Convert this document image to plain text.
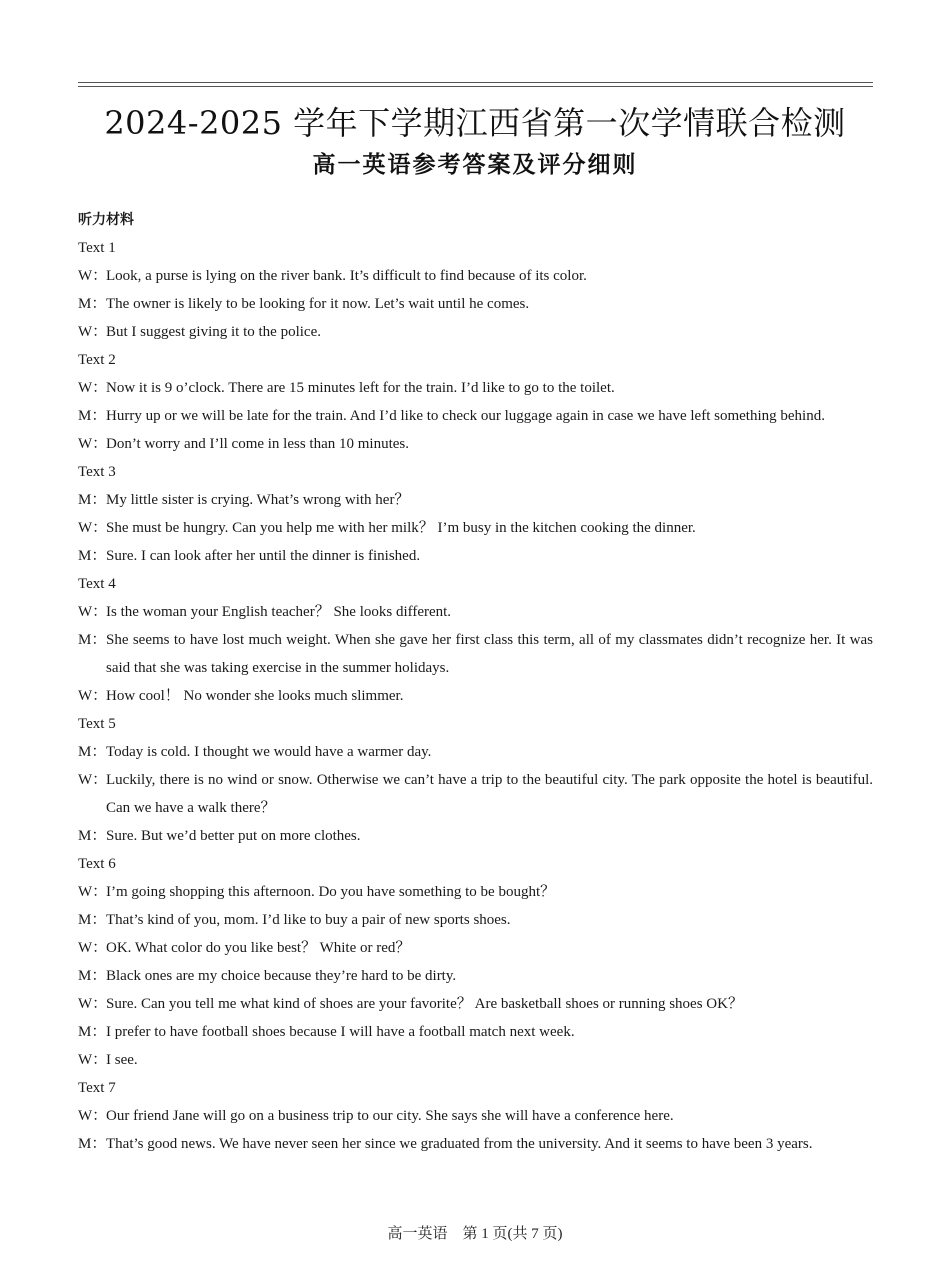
2024-2025 学年下学期江西省第一次学情联合检测
高一英语参考答案及评分细则
听力材料
Text 1
W：Look, a purse is lying on the river bank. It’s difficult to find because of its color.
M：The owner is likely to be looking for it now. Let’s wait until he comes.
W：But I suggest giving it to the police.
Text 2
W：Now it is 9 o’clock. There are 15 minutes left for the train. I’d like to go to the toilet.
M：Hurry up or we will be late for the train. And I’d like to check our luggage again in case we have left something behind.
W：Don’t worry and I’ll come in less than 10 minutes.
Text 3
M：My little sister is crying. What’s wrong with her？
W：She must be hungry. Can you help me with her milk？ I’m busy in the kitchen cooking the dinner.
M：Sure. I can look after her until the dinner is finished.
Text 4
W：Is the woman your English teacher？ She looks different.
M：She seems to have lost much weight. When she gave her first class this term, all of my classmates didn’t recognize her. It was said that she was taking exercise in the summer holidays.
W：How cool！ No wonder she looks much slimmer.
Text 5
M：Today is cold. I thought we would have a warmer day.
W：Luckily, there is no wind or snow. Otherwise we can’t have a trip to the beautiful city. The park opposite the hotel is beautiful. Can we have a walk there？
M：Sure. But we’d better put on more clothes.
Text 6
W：I’m going shopping this afternoon. Do you have something to be bought？
M：That’s kind of you, mom. I’d like to buy a pair of new sports shoes.
W：OK. What color do you like best？ White or red？
M：Black ones are my choice because they’re hard to be dirty.
W：Sure. Can you tell me what kind of shoes are your favorite？ Are basketball shoes or running shoes OK？
M：I prefer to have football shoes because I will have a football match next week.
W：I see.
Text 7
W：Our friend Jane will go on a business trip to our city. She says she will have a conference here.
M：That’s good news. We have never seen her since we graduated from the university. And it seems to have been 3 years.
高一英语　第 1 页(共 7 页)
